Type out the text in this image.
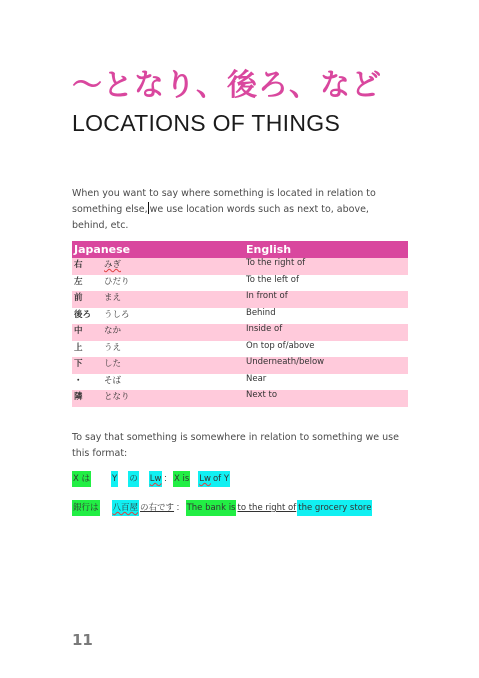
〜となり、後ろ、など
LOCATIONS OF THINGS
When you want to say where something is located in relation to something else, we use location words such as next to, above, behind, etc.
Japanese	English
右 みぎ	To the right of
左 ひだり	To the left of
前 まえ	In front of
後ろ うしろ	Behind
中 なか	Inside of
上 うえ	On top of/above
下 した	Underneath/below
・ そば	Near
隣 となり	Next to
To say that something is somewhere in relation to something we use this format:
X は	Y の Lw ： X is Lw of Y
銀行は 八百屋 の右です ： The bank is to the right of the grocery store
11
